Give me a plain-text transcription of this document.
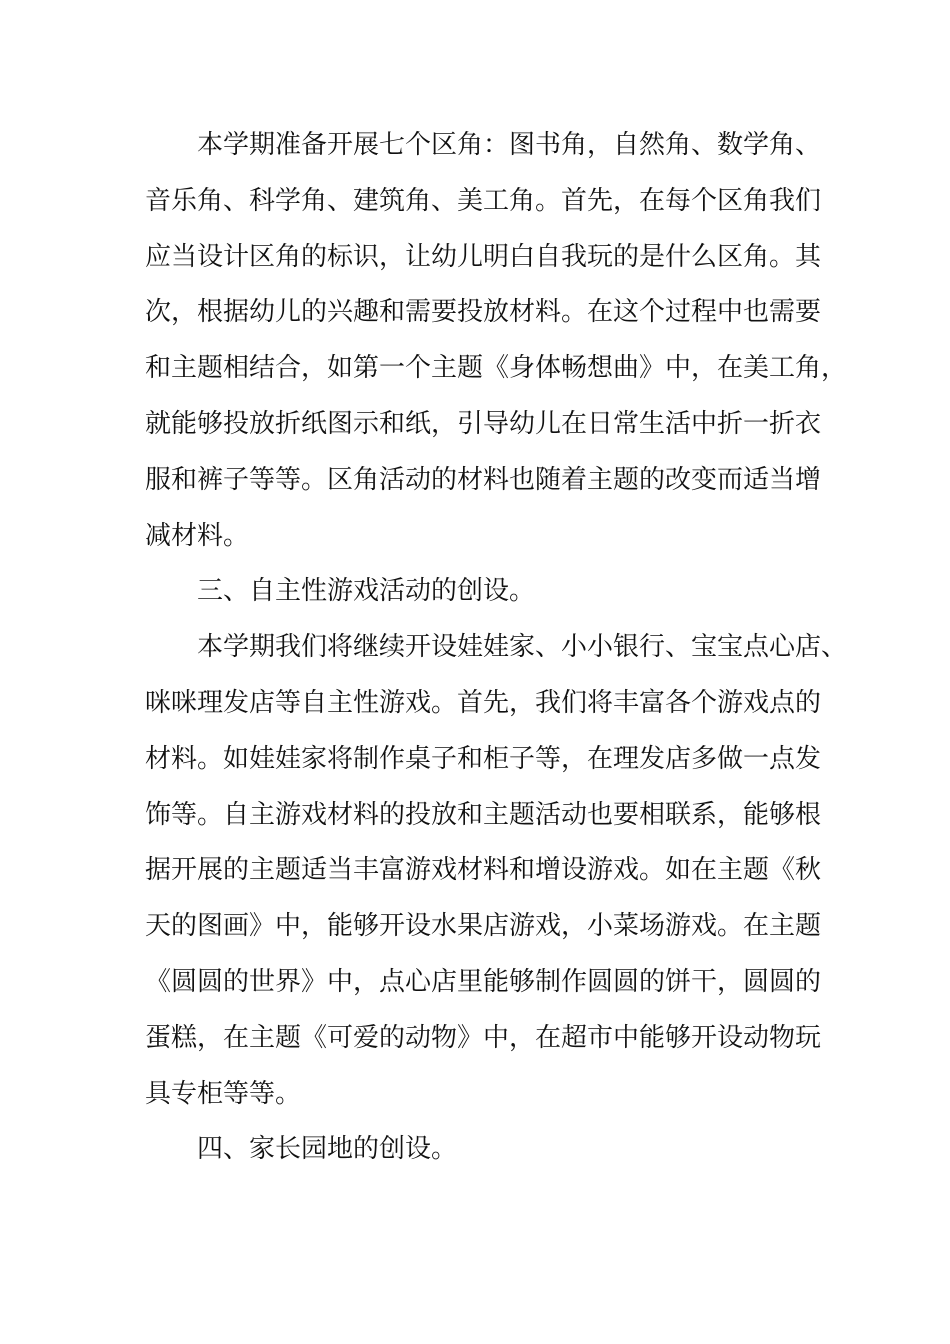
本学期准备开展七个区角：图书角，自然角、数学角、
音乐角、科学角、建筑角、美工角。首先，在每个区角我们
应当设计区角的标识，让幼儿明白自我玩的是什么区角。其
次，根据幼儿的兴趣和需要投放材料。在这个过程中也需要
和主题相结合，如第一个主题《身体畅想曲》中，在美工角，
就能够投放折纸图示和纸，引导幼儿在日常生活中折一折衣
服和裤子等等。区角活动的材料也随着主题的改变而适当增
减材料。
三、自主性游戏活动的创设。
本学期我们将继续开设娃娃家、小小银行、宝宝点心店、
咪咪理发店等自主性游戏。首先，我们将丰富各个游戏点的
材料。如娃娃家将制作桌子和柜子等，在理发店多做一点发
饰等。自主游戏材料的投放和主题活动也要相联系，能够根
据开展的主题适当丰富游戏材料和增设游戏。如在主题《秋
天的图画》中，能够开设水果店游戏，小菜场游戏。在主题
《圆圆的世界》中，点心店里能够制作圆圆的饼干，圆圆的
蛋糕，在主题《可爱的动物》中，在超市中能够开设动物玩
具专柜等等。
四、家长园地的创设。
